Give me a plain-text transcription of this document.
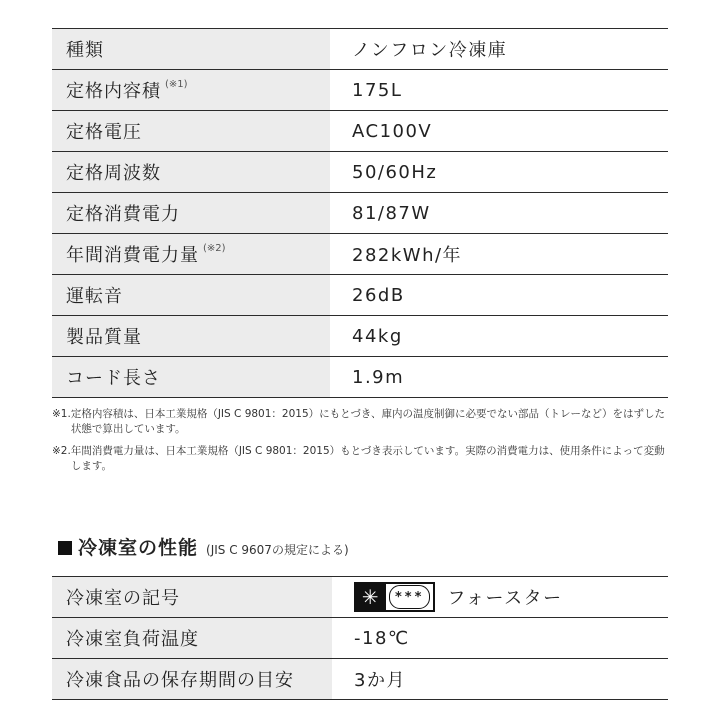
種類	ノンフロン冷凍庫
定格内容積 (※1)	175L
定格電圧	AC100V
定格周波数	50/60Hz
定格消費電力	81/87W
年間消費電力量 (※2)	282kWh/年
運転音	26dB
製品質量	44kg
コード長さ	1.9m
※1. 定格内容積は、日本工業規格（JIS C 9801：2015）にもとづき、庫内の温度制御に必要でない部品（トレーなど）をはずした状態で算出しています。
※2. 年間消費電力量は、日本工業規格（JIS C 9801：2015）もとづき表示しています。実際の消費電力は、使用条件によって変動します。
冷凍室の性能 (JIS C 9607の規定による)
冷凍室の記号	✳	***	フォースター
冷凍室負荷温度	-18℃
冷凍食品の保存期間の目安	3か月
